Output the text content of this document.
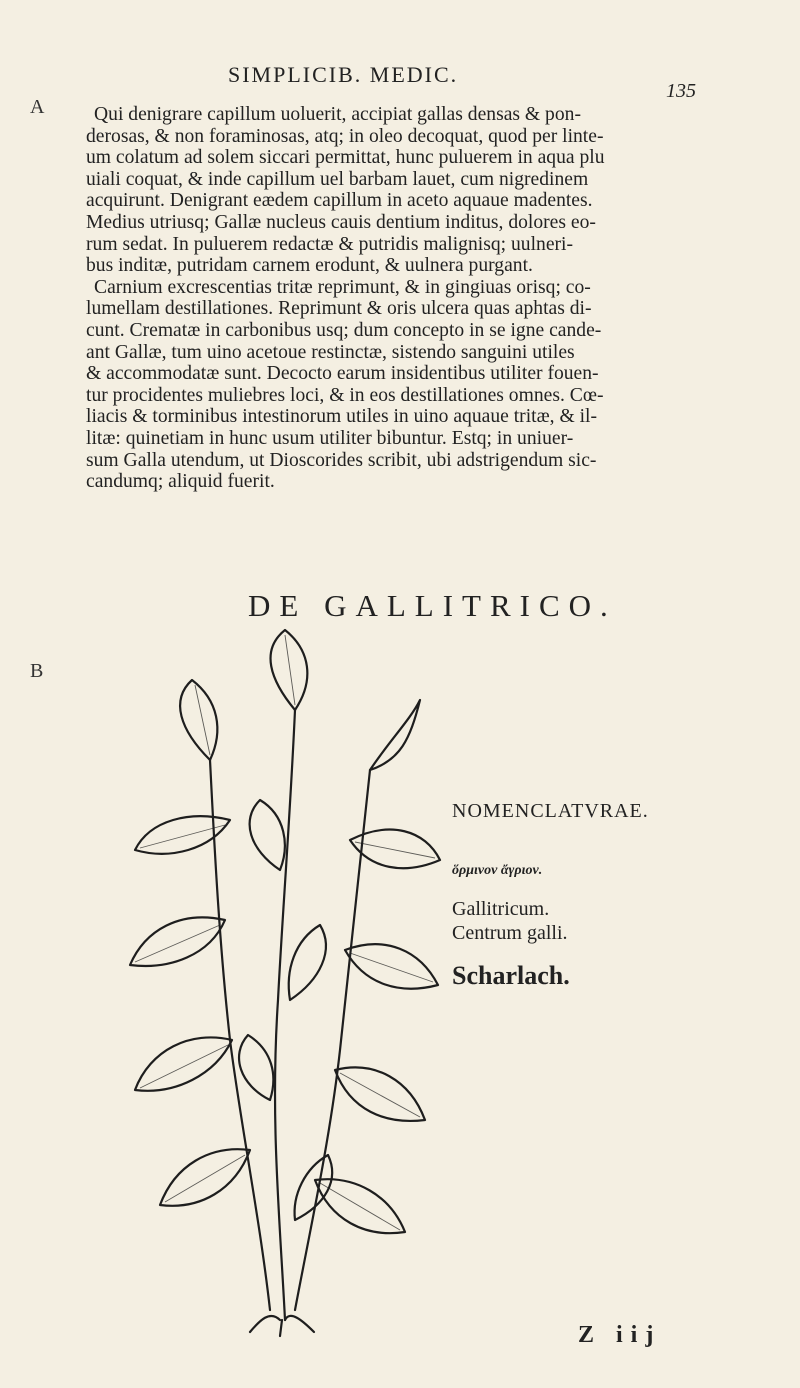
A
B
SIMPLICIB. MEDIC.
135
Qui denigrare capillum uoluerit, accipiat gallas densas & pon-
derosas, & non foraminosas, atq; in oleo decoquat, quod per linte-
um colatum ad solem siccari permittat, hunc puluerem in aqua plu
uiali coquat, & inde capillum uel barbam lauet, cum nigredinem
acquirunt. Denigrant eædem capillum in aceto aquaue madentes.
Medius utriusq; Gallæ nucleus cauis dentium inditus, dolores eo-
rum sedat. In puluerem redactæ & putridis malignisq; uulneri-
bus inditæ, putridam carnem erodunt, & uulnera purgant.
Carnium excrescentias tritæ reprimunt, & in gingiuas orisq; co-
lumellam destillationes. Reprimunt & oris ulcera quas aphtas di-
cunt. Crematæ in carbonibus usq; dum concepto in se igne cande-
ant Gallæ, tum uino acetoue restinctæ, sistendo sanguini utiles
& accommodatæ sunt. Decocto earum insidentibus utiliter fouen-
tur procidentes muliebres loci, & in eos destillationes omnes. Cœ-
liacis & torminibus intestinorum utiles in uino aquaue tritæ, & il-
litæ: quinetiam in hunc usum utiliter bibuntur. Estq; in uniuer-
sum Galla utendum, ut Dioscorides scribit, ubi adstrigendum sic-
candumq; aliquid fuerit.
DE GALLITRICO.
NOMENCLATVRAE.
ὅρμινον ἄγριον.
Gallitricum.
Centrum galli.
Scharlach.
Z iij
